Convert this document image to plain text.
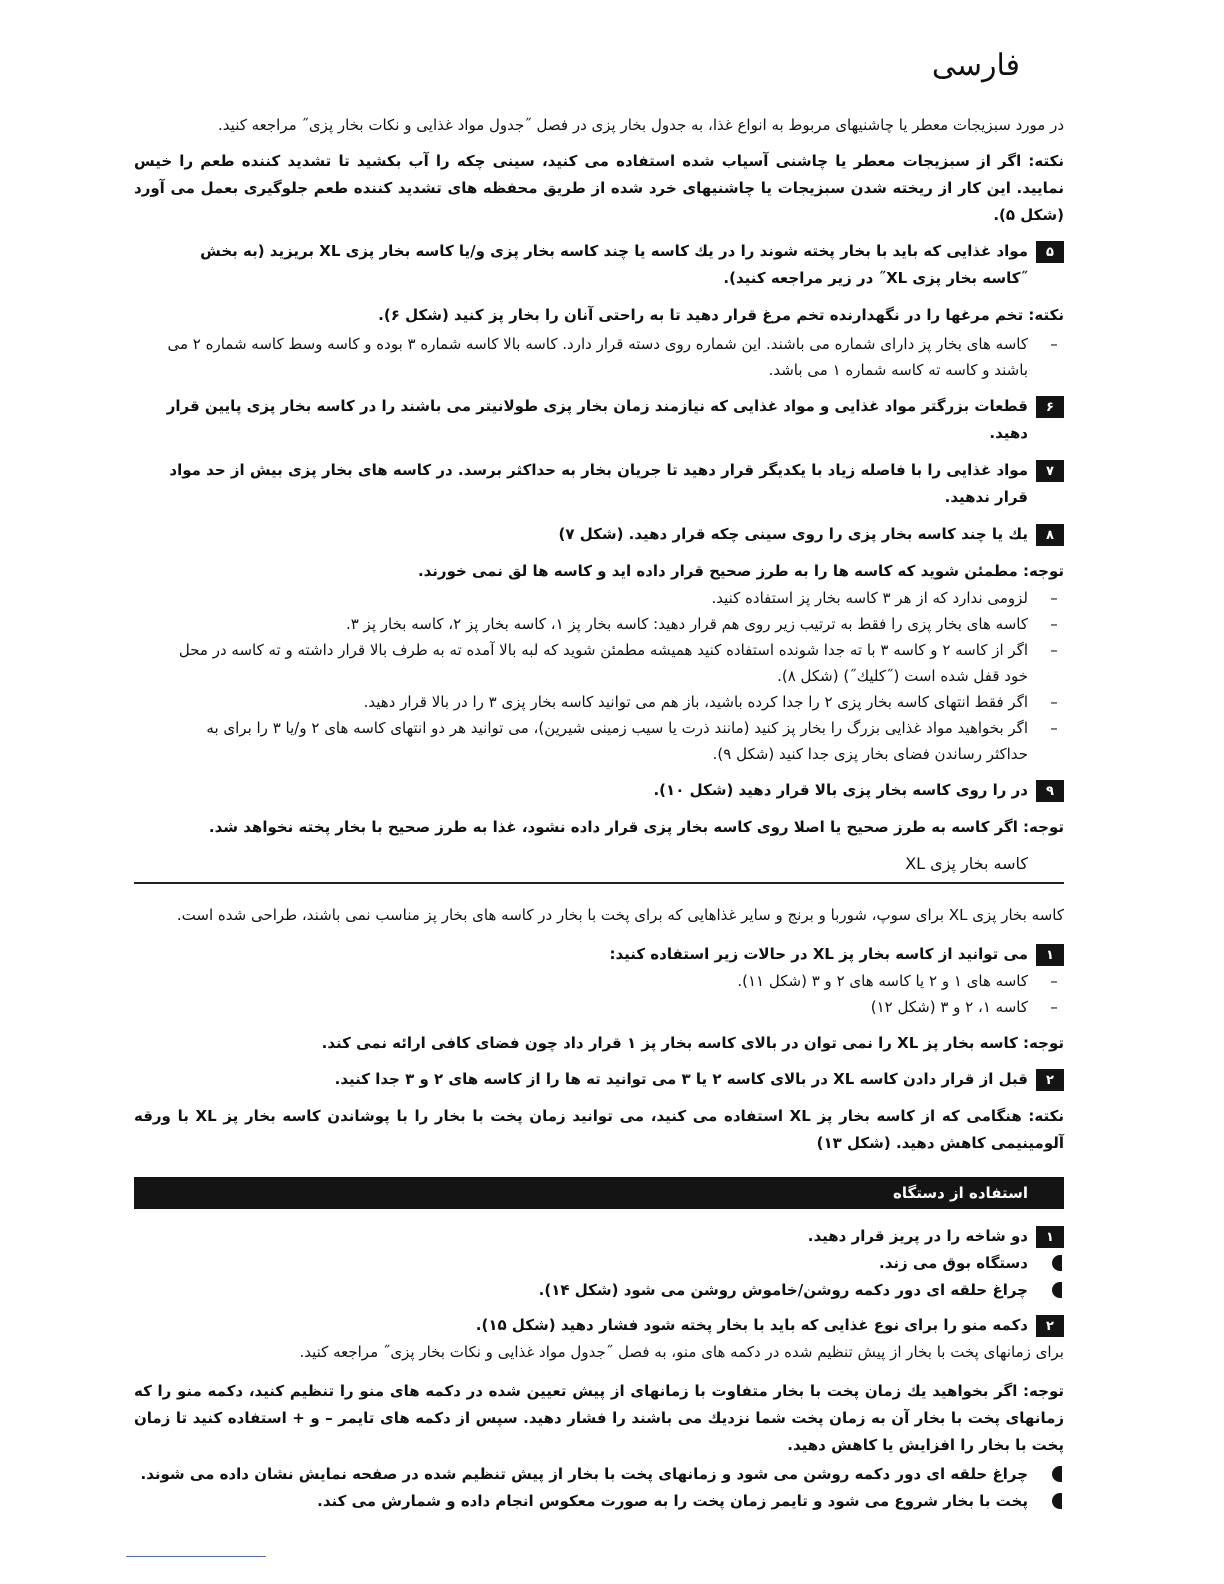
فارسی

در مورد سبزیجات معطر یا چاشنیهای مربوط به انواع غذا، به جدول بخار پزی در فصل ˝جدول مواد غذایی و نکات بخار پزی˝ مراجعه کنید.

نکته: اگر از سبزیجات معطر یا چاشنی آسیاب شده استفاده می کنید، سینی چکه را آب بکشید تا تشدید کننده طعم را خیس نمایید. این کار از ریخته شدن سبزیجات یا چاشنیهای خرد شده از طریق محفظه های تشدید کننده طعم جلوگیری بعمل می آورد (شکل ۵).

۵
مواد غذایی که باید با بخار پخته شوند را در یك کاسه یا چند کاسه بخار پزی و/یا کاسه بخار پزی XL بریزید (به بخش ˝کاسه بخار پزی XL˝ در زیر مراجعه کنید).

نکته: تخم مرغها را در نگهدارنده تخم مرغ قرار دهید تا به راحتی آنان را بخار پز کنید (شکل ۶).

–
کاسه های بخار پز دارای شماره می باشند. این شماره روی دسته قرار دارد. کاسه بالا کاسه شماره ۳ بوده و کاسه وسط کاسه شماره ۲ می باشند و کاسه ته کاسه شماره ۱ می باشد.
۶
قطعات بزرگتر مواد غذایی و مواد غذایی که نیازمند زمان بخار پزی طولانیتر می باشند را در کاسه بخار پزی پایین قرار دهید.
۷
مواد غذایی را با فاصله زیاد با یکدیگر قرار دهید تا جریان بخار به حداکثر برسد. در کاسه های بخار پزی بیش از حد مواد قرار ندهید.
۸
یك یا چند کاسه بخار پزی را روی سینی چکه قرار دهید. (شکل ۷)

توجه: مطمئن شوید که کاسه ها را به طرز صحیح قرار داده اید و کاسه ها لق نمی خورند.

–
لزومی ندارد که از هر ۳ کاسه بخار پز استفاده کنید.
–
کاسه های بخار پزی را فقط به ترتیب زیر روی هم قرار دهید: کاسه بخار پز ۱، کاسه بخار پز ۲، کاسه بخار پز ۳.
–
اگر از کاسه ۲ و کاسه ۳ با ته جدا شونده استفاده کنید همیشه مطمئن شوید که لبه بالا آمده ته به طرف بالا قرار داشته و ته کاسه در محل خود قفل شده است (˝کلیك˝) (شکل ۸).
–
اگر فقط انتهای کاسه بخار پزی ۲ را جدا کرده باشید، باز هم می توانید کاسه بخار پزی ۳ را در بالا قرار دهید.
–
اگر بخواهید مواد غذایی بزرگ را بخار پز کنید (مانند ذرت یا سیب زمینی شیرین)، می توانید هر دو انتهای کاسه های ۲ و/یا ۳ را برای به حداکثر رساندن فضای بخار پزی جدا کنید (شکل ۹).
۹
در را روی کاسه بخار پزی بالا قرار دهید (شکل ۱۰).

توجه: اگر کاسه به طرز صحیح یا اصلا روی کاسه بخار پزی قرار داده نشود، غذا به طرز صحیح با بخار پخته نخواهد شد.

کاسه بخار پزی XL

کاسه بخار پزی XL برای سوپ، شوربا و برنج و سایر غذاهایی که برای پخت با بخار در کاسه های بخار پز مناسب نمی باشند، طراحی شده است.

۱
می توانید از کاسه بخار پز XL در حالات زیر استفاده کنید:
–
کاسه های ۱ و ۲ یا کاسه های ۲ و ۳ (شکل ۱۱).
–
کاسه ۱، ۲ و ۳ (شکل ۱۲)

توجه: کاسه بخار پز XL را نمی توان در بالای کاسه بخار پز ۱ قرار داد چون فضای کافی ارائه نمی کند.

۲
قبل از قرار دادن کاسه XL در بالای کاسه ۲ یا ۳ می توانید ته ها را از کاسه های ۲ و ۳ جدا کنید.

نکته: هنگامی که از کاسه بخار پز XL استفاده می کنید، می توانید زمان پخت با بخار را با پوشاندن کاسه بخار پز XL با ورقه آلومینیمی کاهش دهید. (شکل ۱۳)

استفاده از دستگاه
۱
دو شاخه را در پریز قرار دهید.
دستگاه بوق می زند.
چراغ حلقه ای دور دکمه روشن/خاموش روشن می شود (شکل ۱۴).
۲
دکمه منو را برای نوع غذایی که باید با بخار پخته شود فشار دهید (شکل ۱۵).

برای زمانهای پخت با بخار از پیش تنظیم شده در دکمه های منو، به فصل ˝جدول مواد غذایی و نکات بخار پزی˝ مراجعه کنید.

توجه: اگر بخواهید یك زمان پخت با بخار متفاوت با زمانهای از پیش تعیین شده در دکمه های منو را تنظیم کنید، دکمه منو را که زمانهای پخت با بخار آن به زمان پخت شما نزدیك می باشند را فشار دهید. سپس از دکمه های تایمر – و + استفاده کنید تا زمان پخت با بخار را افزایش یا کاهش دهید.

چراغ حلقه ای دور دکمه روشن می شود و زمانهای پخت با بخار از پیش تنظیم شده در صفحه نمایش نشان داده می شوند.
پخت با بخار شروع می شود و تایمر زمان پخت را به صورت معکوس انجام داده و شمارش می کند.
